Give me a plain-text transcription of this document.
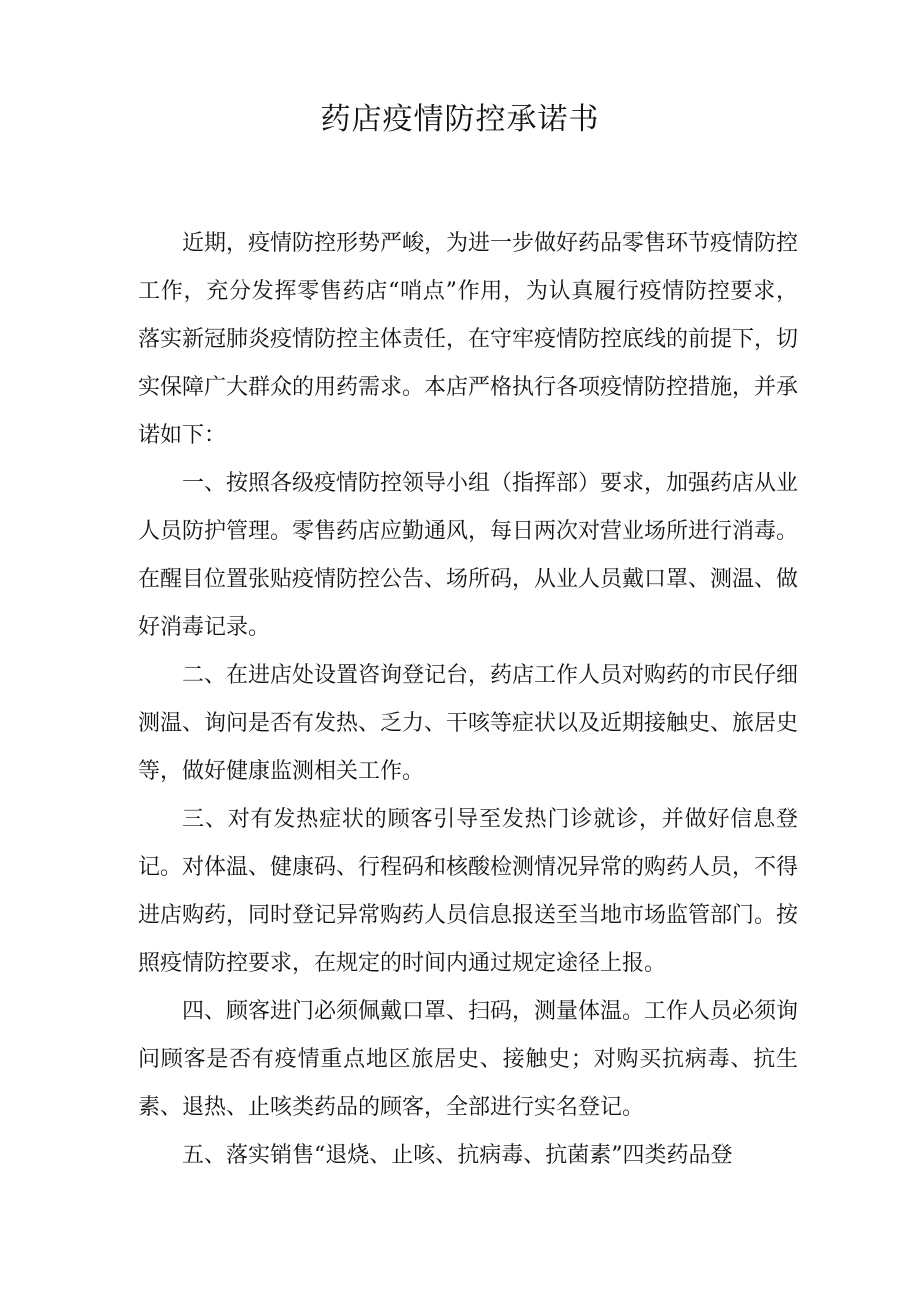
药店疫情防控承诺书

近期，疫情防控形势严峻，为进一步做好药品零售环节疫情防控工作，充分发挥零售药店“哨点”作用，为认真履行疫情防控要求，落实新冠肺炎疫情防控主体责任，在守牢疫情防控底线的前提下，切实保障广大群众的用药需求。本店严格执行各项疫情防控措施，并承诺如下：

一、按照各级疫情防控领导小组（指挥部）要求，加强药店从业人员防护管理。零售药店应勤通风，每日两次对营业场所进行消毒。在醒目位置张贴疫情防控公告、场所码，从业人员戴口罩、测温、做好消毒记录。

二、在进店处设置咨询登记台，药店工作人员对购药的市民仔细测温、询问是否有发热、乏力、干咳等症状以及近期接触史、旅居史等，做好健康监测相关工作。

三、对有发热症状的顾客引导至发热门诊就诊，并做好信息登记。对体温、健康码、行程码和核酸检测情况异常的购药人员，不得进店购药，同时登记异常购药人员信息报送至当地市场监管部门。按照疫情防控要求，在规定的时间内通过规定途径上报。

四、顾客进门必须佩戴口罩、扫码，测量体温。工作人员必须询问顾客是否有疫情重点地区旅居史、接触史；对购买抗病毒、抗生素、退热、止咳类药品的顾客，全部进行实名登记。

五、落实销售“退烧、止咳、抗病毒、抗菌素”四类药品登
